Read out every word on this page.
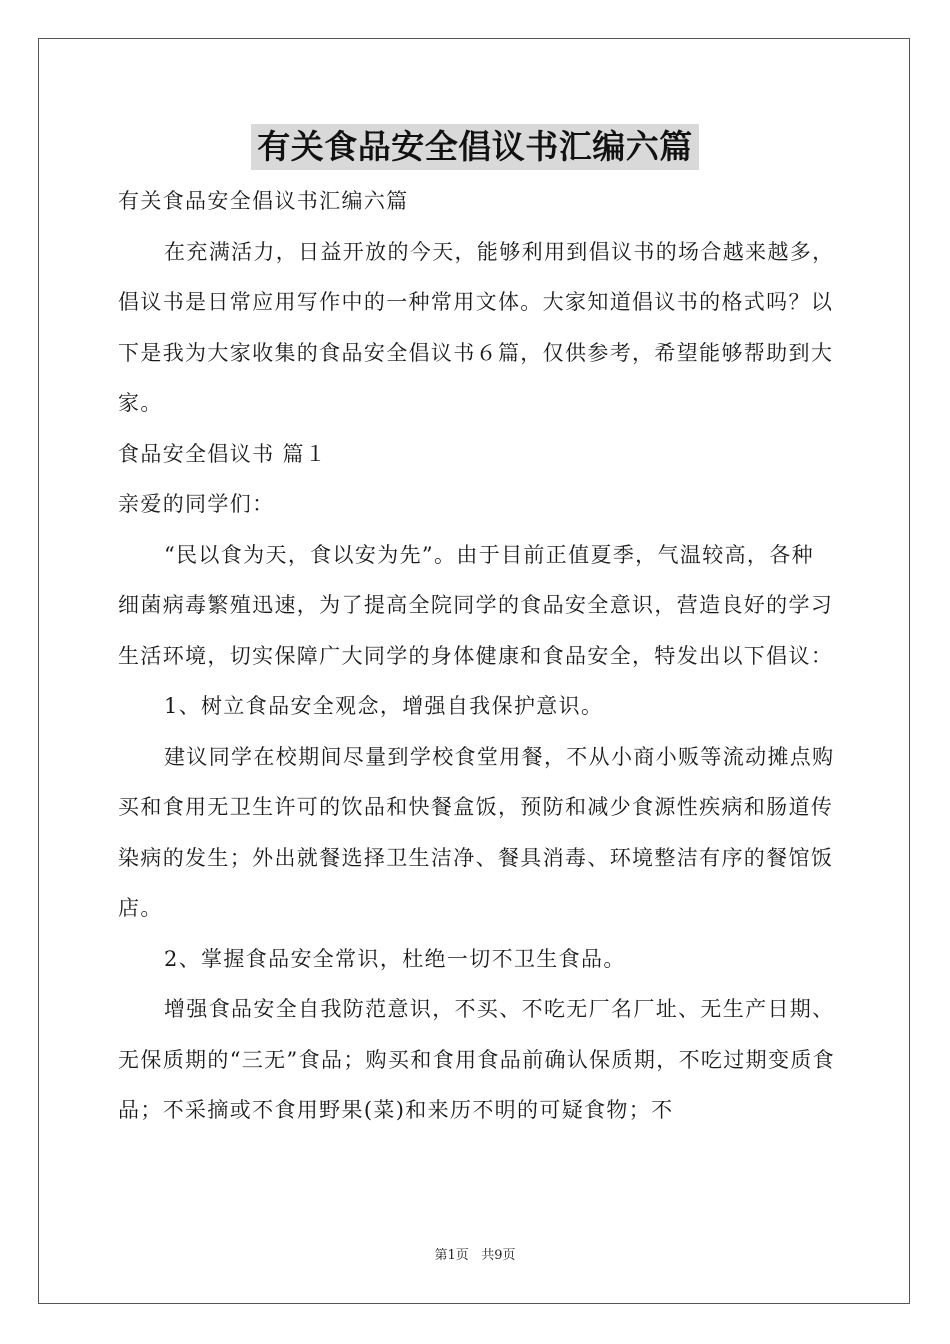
有关食品安全倡议书汇编六篇

有关食品安全倡议书汇编六篇

在充满活力，日益开放的今天，能够利用到倡议书的场合越来越多，倡议书是日常应用写作中的一种常用文体。大家知道倡议书的格式吗？以下是我为大家收集的食品安全倡议书６篇，仅供参考，希望能够帮助到大家。

食品安全倡议书 篇１

亲爱的同学们：

“民以食为天，食以安为先”。由于目前正值夏季，气温较高，各种细菌病毒繁殖迅速，为了提高全院同学的食品安全意识，营造良好的学习生活环境，切实保障广大同学的身体健康和食品安全，特发出以下倡议：

1、树立食品安全观念，增强自我保护意识。

建议同学在校期间尽量到学校食堂用餐，不从小商小贩等流动摊点购买和食用无卫生许可的饮品和快餐盒饭，预防和减少食源性疾病和肠道传染病的发生；外出就餐选择卫生洁净、餐具消毒、环境整洁有序的餐馆饭店。

2、掌握食品安全常识，杜绝一切不卫生食品。

增强食品安全自我防范意识，不买、不吃无厂名厂址、无生产日期、无保质期的“三无”食品；购买和食用食品前确认保质期，不吃过期变质食品；不采摘或不食用野果(菜)和来历不明的可疑食物；不

第1页 共9页
